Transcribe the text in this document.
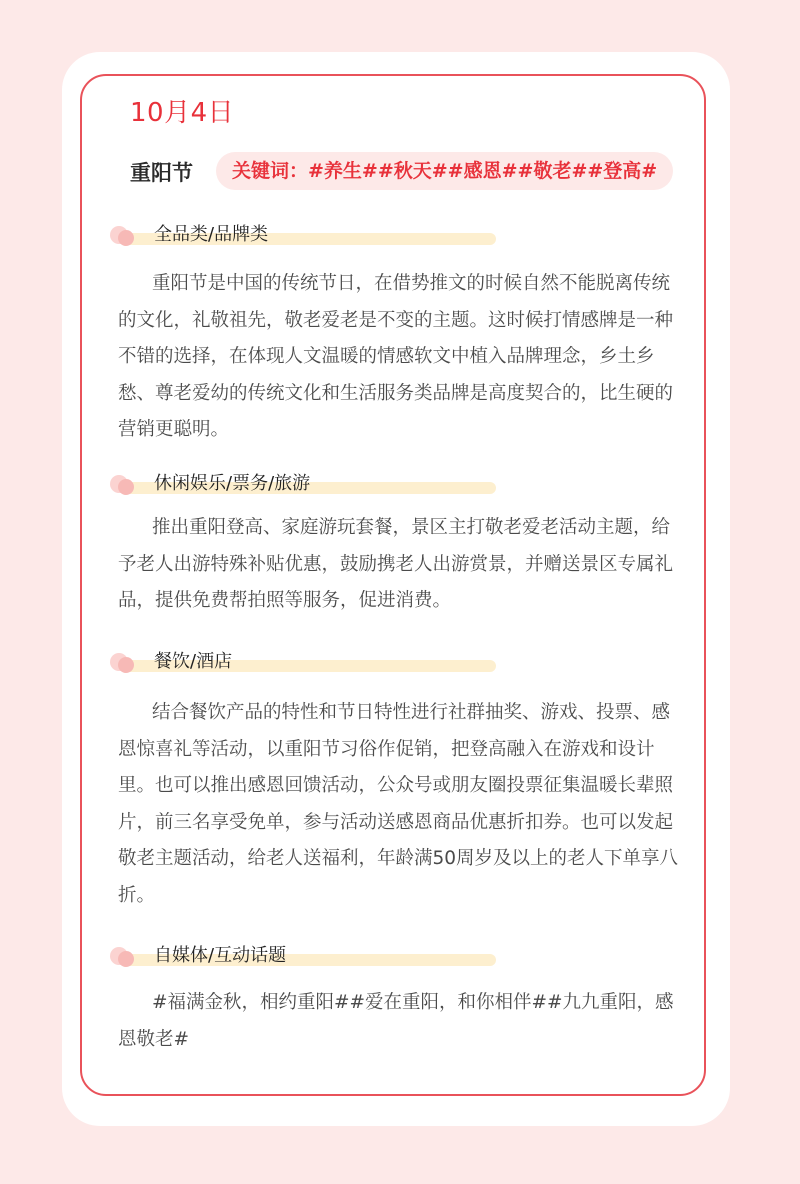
10月4日
重阳节	关键词：#养生##秋天##感恩##敬老##登高#
全品类/品牌类

重阳节是中国的传统节日，在借势推文的时候自然不能脱离传统的文化，礼敬祖先，敬老爱老是不变的主题。这时候打情感牌是一种不错的选择，在体现人文温暖的情感软文中植入品牌理念，乡土乡愁、尊老爱幼的传统文化和生活服务类品牌是高度契合的，比生硬的营销更聪明。

休闲娱乐/票务/旅游

推出重阳登高、家庭游玩套餐，景区主打敬老爱老活动主题，给予老人出游特殊补贴优惠，鼓励携老人出游赏景，并赠送景区专属礼品，提供免费帮拍照等服务，促进消费。

餐饮/酒店

结合餐饮产品的特性和节日特性进行社群抽奖、游戏、投票、感恩惊喜礼等活动，以重阳节习俗作促销，把登高融入在游戏和设计里。也可以推出感恩回馈活动，公众号或朋友圈投票征集温暖长辈照片，前三名享受免单，参与活动送感恩商品优惠折扣券。也可以发起敬老主题活动，给老人送福利，年龄满50周岁及以上的老人下单享八折。

自媒体/互动话题

#福满金秋，相约重阳##爱在重阳，和你相伴##九九重阳，感恩敬老#
